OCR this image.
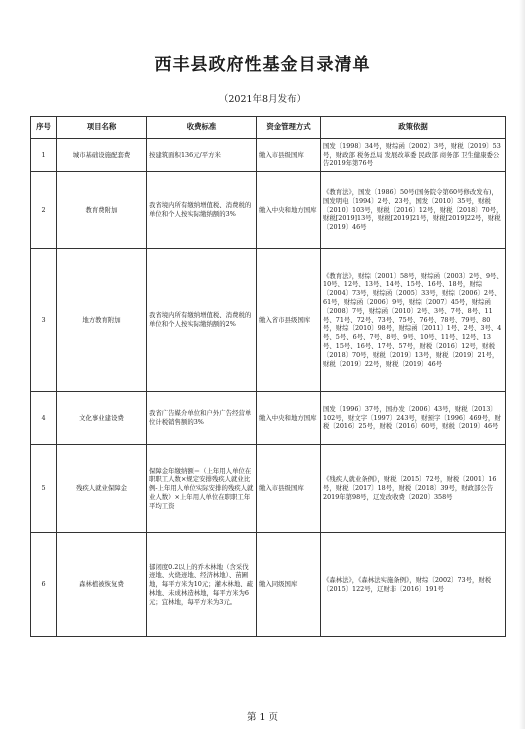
西丰县政府性基金目录清单
（2021年8月发布）
序号	项目名称	收费标准	资金管理方式	政策依据
1	城市基础设施配套费	按建筑面积136元/平方米	缴入市县级国库	国发〔1998〕34号，财综函〔2002〕3号，财税〔2019〕53号，财政部 税务总局 发展改革委 民政部 商务部 卫生健康委公告2019年第76号
2	教育费附加	我省境内所有缴纳增值税、消费税的单位和个人按实际缴纳额的3%	缴入中央和地方国库	《教育法》，国发〔1986〕50号(国务院令第60号修改发布)，国发明电〔1994〕2号、23号，国发〔2010〕35号，财税〔2010〕103号，财税〔2016〕12号，财税〔2018〕70号，财税[2019]13号，财税[2019]21号，财税[2019]22号，财税〔2019〕46号
3	地方教育附加	我省境内所有缴纳增值税、消费税的单位和个人按实际缴纳额的2%	缴入省市县级国库	《教育法》，财综〔2001〕58号，财综函〔2003〕2号、9号、10号、12号、13号、14号、15号、16号、18号，财综〔2004〕73号，财综函〔2005〕33号，财综〔2006〕2号、61号，财综函〔2006〕9号，财综〔2007〕45号，财综函〔2008〕7号，财综函〔2010〕2号、3号、7号、8号、11号、71号、72号、73号、75号、76号、78号、79号、80号，财综〔2010〕98号，财综函〔2011〕1号、2号、3号、4号、5号、6号、7号、8号、9号、10号、11号、12号、13号、15号、16号、17号、57号，财税〔2016〕12号，财税〔2018〕70号，财税〔2019〕13号，财税〔2019〕21号，财税〔2019〕22号，财税〔2019〕46号
4	文化事业建设费	我省广告媒介单位和户外广告经营单位计税销售额的3%	缴入中央和地方国库	国发〔1996〕37号，国办发〔2006〕43号，财税〔2013〕102号，财文字〔1997〕243号，财预字〔1996〕469号，财税〔2016〕25号，财税〔2016〕60号，财税〔2019〕46号
5	残疾人就业保障金	保障金年缴纳额＝（上年用人单位在职职工人数×规定安排残疾人就业比例-上年用人单位实际安排的残疾人就业人数）×上年用人单位在职职工年平均工资	缴入市县级国库	《残疾人就业条例》，财税〔2015〕72号，财税〔2001〕16号，财税〔2017〕18号，财税〔2018〕39号，财政部公告2019年第98号，辽发改收费〔2020〕358号
6	森林植被恢复费	郁闭度0.2以上的乔木林地（含采伐迹地、火烧迹地、经济林地）、苗圃地，每平方米为10元；灌木林地、疏林地、未成林造林地，每平方米为6元；宜林地，每平方米为3元。	缴入同级国库	《森林法》，《森林法实施条例》，财综〔2002〕73号，财税〔2015〕122号，辽财非〔2016〕191号
第 1 页
